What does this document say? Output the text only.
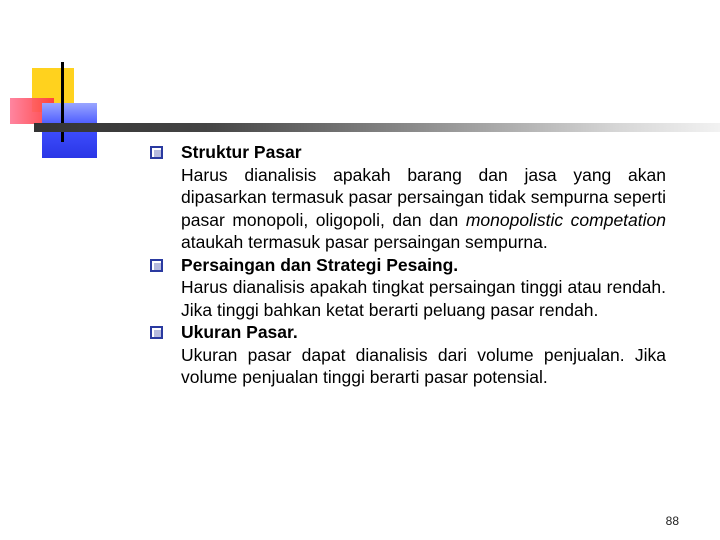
Struktur Pasar
Harus dianalisis apakah barang dan jasa yang akan dipasarkan termasuk pasar persaingan tidak sempurna seperti pasar monopoli, oligopoli, dan dan monopolistic competation ataukah termasuk pasar persaingan sempurna.
Persaingan dan Strategi Pesaing.
Harus dianalisis apakah tingkat persaingan tinggi atau rendah. Jika tinggi bahkan ketat berarti peluang pasar rendah.
Ukuran Pasar.
Ukuran pasar dapat dianalisis dari volume penjualan. Jika volume penjualan tinggi berarti pasar potensial.
88
